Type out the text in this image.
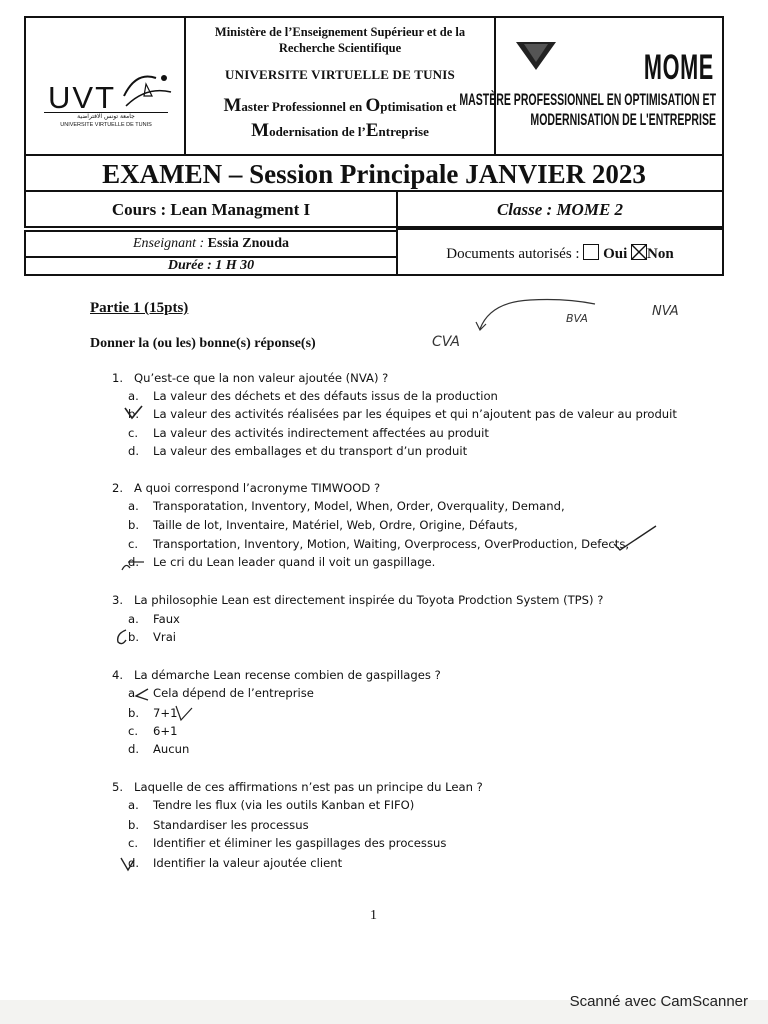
UVT
جامعة تونس الافتراضية
UNIVERSITE VIRTUELLE DE TUNIS
Ministère de l’Enseignement Supérieur et de la Recherche Scientifique
UNIVERSITE VIRTUELLE DE TUNIS
Master Professionnel en Optimisation et
Modernisation de l’Entreprise
MOME
MASTÈRE PROFESSIONNEL EN OPTIMISATION ET
MODERNISATION DE L'ENTREPRISE
EXAMEN – Session Principale JANVIER 2023
Cours : Lean Managment I	Classe : MOME 2
Enseignant : Essia Znouda
Durée : 1 H 30
Documents autorisés : Oui Non
Partie 1 (15pts)
Donner la (ou les) bonne(s) réponse(s)	CVA
BVA	NVA
1. Qu’est-ce que la non valeur ajoutée (NVA) ?
a. La valeur des déchets et des défauts issus de la production
b. La valeur des activités réalisées par les équipes et qui n’ajoutent pas de valeur au produit
c. La valeur des activités indirectement affectées au produit
d. La valeur des emballages et du transport d’un produit
2. A quoi correspond l’acronyme TIMWOOD ?
a. Transporatation, Inventory, Model, When, Order, Overquality, Demand,
b. Taille de lot, Inventaire, Matériel, Web, Ordre, Origine, Défauts,
c. Transportation, Inventory, Motion, Waiting, Overprocess, OverProduction, Defects,
d. Le cri du Lean leader quand il voit un gaspillage.
3. La philosophie Lean est directement inspirée du Toyota Prodction System (TPS) ?
a. Faux
b. Vrai
4. La démarche Lean recense combien de gaspillages ?
a. Cela dépend de l’entreprise
b. 7+1
c. 6+1
d. Aucun
5. Laquelle de ces affirmations n’est pas un principe du Lean ?
a. Tendre les flux (via les outils Kanban et FIFO)
b. Standardiser les processus
c. Identifier et éliminer les gaspillages des processus
d. Identifier la valeur ajoutée client
1
Scanné avec CamScanner
